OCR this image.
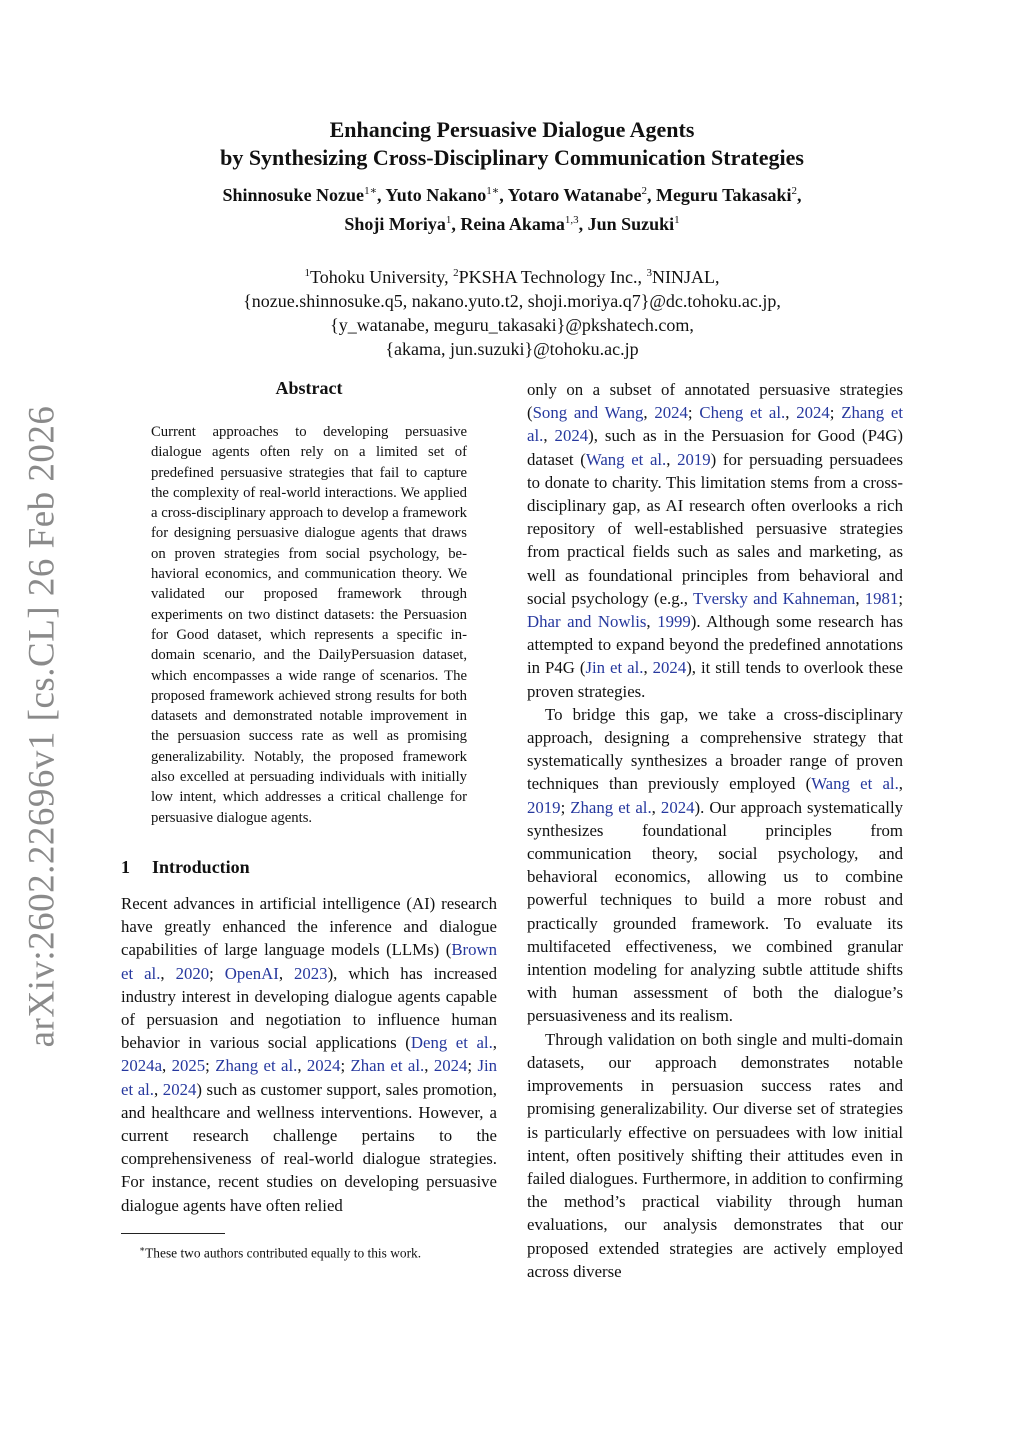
arXiv:2602.22696v1 [cs.CL] 26 Feb 2026
Enhancing Persuasive Dialogue Agents
by Synthesizing Cross-Disciplinary Communication Strategies
Shinnosuke Nozue$^{1∗}$, Yuto Nakano$^{1∗}$, Yotaro Watanabe$^2$, Meguru Takasaki$^2$,
Shoji Moriya$^1$, Reina Akama$^{1,3}$, Jun Suzuki$^1$
$^1$Tohoku University, $^2$PKSHA Technology Inc., $^3$NINJAL,
{nozue.shinnosuke.q5, nakano.yuto.t2, shoji.moriya.q7}@dc.tohoku.ac.jp,
{y_watanabe, meguru_takasaki}@pkshatech.com,
{akama, jun.suzuki}@tohoku.ac.jp
Abstract

Current approaches to developing persuasive dialogue agents often rely on a limited set of predefined persuasive strategies that fail to capture the complexity of real-world interactions. We applied a cross-disciplinary approach to develop a framework for designing persuasive dialogue agents that draws on proven strategies from social psychology, behavioral economics, and communication theory. We validated our proposed framework through experiments on two distinct datasets: the Persuasion for Good dataset, which represents a specific in-domain scenario, and the DailyPersuasion dataset, which encompasses a wide range of scenarios. The proposed framework achieved strong results for both datasets and demonstrated notable improvement in the persuasion success rate as well as promising generalizability. Notably, the proposed framework also excelled at persuading individuals with initially low intent, which addresses a critical challenge for persuasive dialogue agents.

1 Introduction

Recent advances in artificial intelligence (AI) research have greatly enhanced the inference and dialogue capabilities of large language models (LLMs) (Brown et al., 2020; OpenAI, 2023), which has increased industry interest in developing dialogue agents capable of persuasion and negotiation to influence human behavior in various social applications (Deng et al., 2024a, 2025; Zhang et al., 2024; Zhan et al., 2024; Jin et al., 2024) such as customer support, sales promotion, and healthcare and wellness interventions. However, a current research challenge pertains to the comprehensiveness of real-world dialogue strategies. For instance, recent studies on developing persuasive dialogue agents have often relied

∗These two authors contributed equally to this work.

only on a subset of annotated persuasive strategies (Song and Wang, 2024; Cheng et al., 2024; Zhang et al., 2024), such as in the Persuasion for Good (P4G) dataset (Wang et al., 2019) for persuading persuadees to donate to charity. This limitation stems from a cross-disciplinary gap, as AI research often overlooks a rich repository of well-established persuasive strategies from practical fields such as sales and marketing, as well as foundational principles from behavioral and social psychology (e.g., Tversky and Kahneman, 1981; Dhar and Nowlis, 1999). Although some research has attempted to expand beyond the predefined annotations in P4G (Jin et al., 2024), it still tends to overlook these proven strategies.

To bridge this gap, we take a cross-disciplinary approach, designing a comprehensive strategy that systematically synthesizes a broader range of proven techniques than previously employed (Wang et al., 2019; Zhang et al., 2024). Our approach systematically synthesizes foundational principles from communication theory, social psychology, and behavioral economics, allowing us to combine powerful techniques to build a more robust and practically grounded framework. To evaluate its multifaceted effectiveness, we combined granular intention modeling for analyzing subtle attitude shifts with human assessment of both the dialogue’s persuasiveness and its realism.

Through validation on both single and multi-domain datasets, our approach demonstrates notable improvements in persuasion success rates and promising generalizability. Our diverse set of strategies is particularly effective on persuadees with low initial intent, often positively shifting their attitudes even in failed dialogues. Furthermore, in addition to confirming the method’s practical viability through human evaluations, our analysis demonstrates that our proposed extended strategies are actively employed across diverse
